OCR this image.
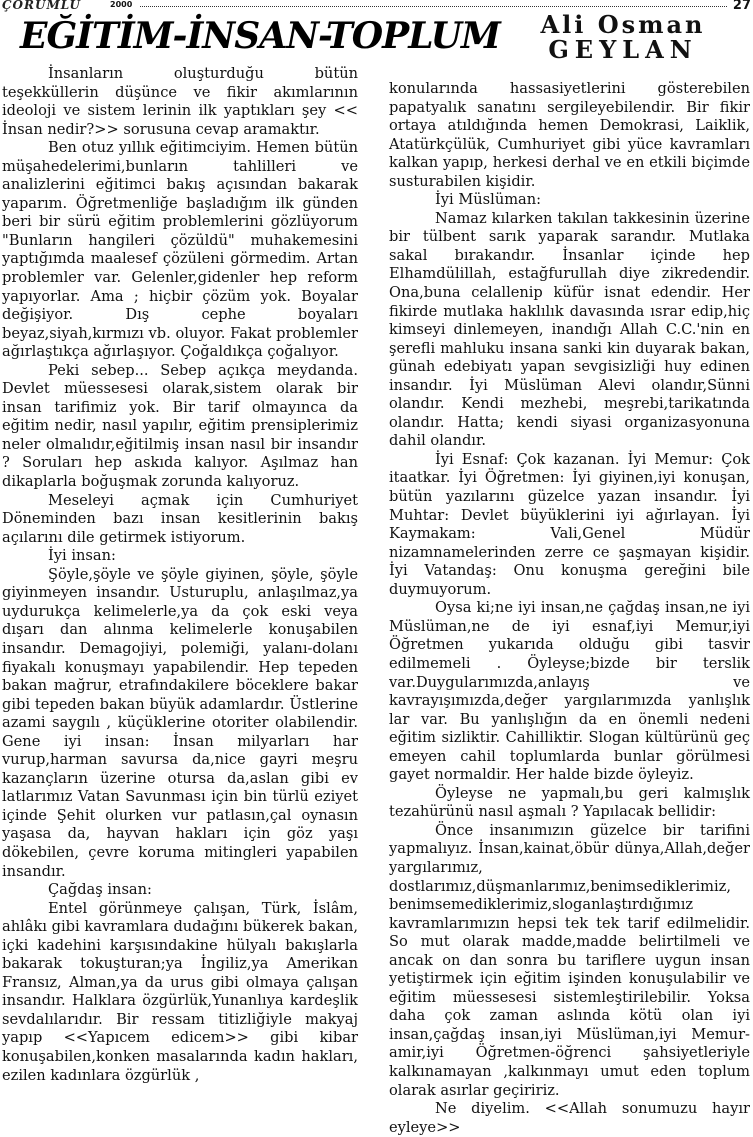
ÇORUMLU	2000	27
EĞİTİM-İNSAN-TOPLUM	Ali Osman
GEYLAN

İnsanların oluşturduğu bütün teşekküllerin düşünce ve fikir akımlarının ideoloji ve sistem lerinin ilk yaptıkları şey << İnsan nedir?>> sorusuna cevap aramaktır.

Ben otuz yıllık eğitimciyim. Hemen bütün müşahedelerimi,bunların tahlilleri ve analizlerini eğitimci bakış açısından bakarak yaparım. Öğretmenliğe başladığım ilk günden beri bir sürü eğitim problemlerini gözlüyorum "Bunların hangileri çözüldü" muhakemesini yaptığımda maalesef çözüleni görmedim. Artan problemler var. Gelenler,gidenler hep reform yapıyorlar. Ama ; hiçbir çözüm yok. Boyalar değişiyor. Dış cephe boyaları beyaz,siyah,kırmızı vb. oluyor. Fakat problemler ağırlaştıkça ağırlaşıyor. Çoğaldıkça çoğalıyor.

Peki sebep... Sebep açıkça meydanda. Devlet müessesesi olarak,sistem olarak bir insan tarifimiz yok. Bir tarif olmayınca da eğitim nedir, nasıl yapılır, eğitim prensiplerimiz neler olmalıdır,eğitilmiş insan nasıl bir insandır ? Soruları hep askıda kalıyor. Aşılmaz han dikaplarla boğuşmak zorunda kalıyoruz.

Meseleyi açmak için Cumhuriyet Döneminden bazı insan kesitlerinin bakış açılarını dile getirmek istiyorum.

İyi insan:

Şöyle,şöyle ve şöyle giyinen, şöyle, şöyle giyinmeyen insandır. Usturuplu, anlaşılmaz,ya uydurukça kelimelerle,ya da çok eski veya dışarı dan alınma kelimelerle konuşabilen insandır. Demagojiyi, polemiği, yalanı-dolanı fiyakalı konuşmayı yapabilendir. Hep tepeden bakan mağrur, etrafındakilere böceklere bakar gibi tepeden bakan büyük adamlardır. Üstlerine azami saygılı , küçüklerine otoriter olabilendir. Gene iyi insan: İnsan milyarları har vurup,harman savursa da,nice gayri meşru kazançların üzerine otursa da,aslan gibi ev latlarımız Vatan Savunması için bin türlü eziyet içinde Şehit olurken vur patlasın,çal oynasın yaşasa da, hayvan hakları için göz yaşı dökebilen, çevre koruma mitingleri yapabilen insandır.

Çağdaş insan:

Entel görünmeye çalışan, Türk, İslâm, ahlâkı gibi kavramlara dudağını bükerek bakan, içki kadehini karşısındakine hülyalı bakışlarla bakarak tokuşturan;ya İngiliz,ya Amerikan Fransız, Alman,ya da urus gibi olmaya çalışan insandır. Halklara özgürlük,Yunanlıya kardeşlik sevdalılarıdır. Bir ressam titizliğiyle makyaj yapıp <<Yapıcem edicem>> gibi kibar konuşabilen,konken masalarında kadın hakları, ezilen kadınlara özgürlük ,

konularında hassasiyetlerini gösterebilen papatyalık sanatını sergileyebilendir. Bir fikir ortaya atıldığında hemen Demokrasi, Laiklik, Atatürkçülük, Cumhuriyet gibi yüce kavramları kalkan yapıp, herkesi derhal ve en etkili biçimde susturabilen kişidir.

İyi Müslüman:

Namaz kılarken takılan takkesinin üzerine bir tülbent sarık yaparak sarandır. Mutlaka sakal bırakandır. İnsanlar içinde hep Elhamdülillah, estağfurullah diye zikredendir. Ona,buna celallenip küfür isnat edendir. Her fikirde mutlaka haklılık davasında ısrar edip,hiç kimseyi dinlemeyen, inandığı Allah C.C.'nin en şerefli mahluku insana sanki kin duyarak bakan, günah edebiyatı yapan sevgisizliği huy edinen insandır. İyi Müslüman Alevi olandır,Sünni olandır. Kendi mezhebi, meşrebi,tarikatında olandır. Hatta; kendi siyasi organizasyonuna dahil olandır.

İyi Esnaf: Çok kazanan. İyi Memur: Çok itaatkar. İyi Öğretmen: İyi giyinen,iyi konuşan, bütün yazılarını güzelce yazan insandır. İyi Muhtar: Devlet büyüklerini iyi ağırlayan. İyi Kaymakam: Vali,Genel Müdür nizamnamelerinden zerre ce şaşmayan kişidir. İyi Vatandaş: Onu konuşma gereğini bile duymuyorum.

Oysa ki;ne iyi insan,ne çağdaş insan,ne iyi Müslüman,ne de iyi esnaf,iyi Memur,iyi Öğretmen yukarıda olduğu gibi tasvir edilmemeli . Öyleyse;bizde bir terslik var.Duygularımızda,anlayış ve kavrayışımızda,değer yargılarımızda yanlışlık lar var. Bu yanlışlığın da en önemli nedeni eğitim sizliktir. Cahilliktir. Slogan kültürünü geç emeyen cahil toplumlarda bunlar görülmesi gayet normaldir. Her halde bizde öyleyiz.

Öyleyse ne yapmalı,bu geri kalmışlık tezahürünü nasıl aşmalı ? Yapılacak bellidir:

Önce insanımızın güzelce bir tarifini yapmalıyız. İnsan,kainat,öbür dünya,Allah,değer yargılarımız, dostlarımız,düşmanlarımız,benimsediklerimiz, benimsemediklerimiz,sloganlaştırdığımız kavramlarımızın hepsi tek tek tarif edilmelidir. So mut olarak madde,madde belirtilmeli ve ancak on dan sonra bu tariflere uygun insan yetiştirmek için eğitim işinden konuşulabilir ve eğitim müessesesi sistemleştirilebilir. Yoksa daha çok zaman aslında kötü olan iyi insan,çağdaş insan,iyi Müslüman,iyi Memur-amir,iyi Öğretmen-öğrenci şahsiyetleriyle kalkınamayan ,kalkınmayı umut eden toplum olarak asırlar geçiririz.

Ne diyelim. <<Allah sonumuzu hayır eyleye>>
